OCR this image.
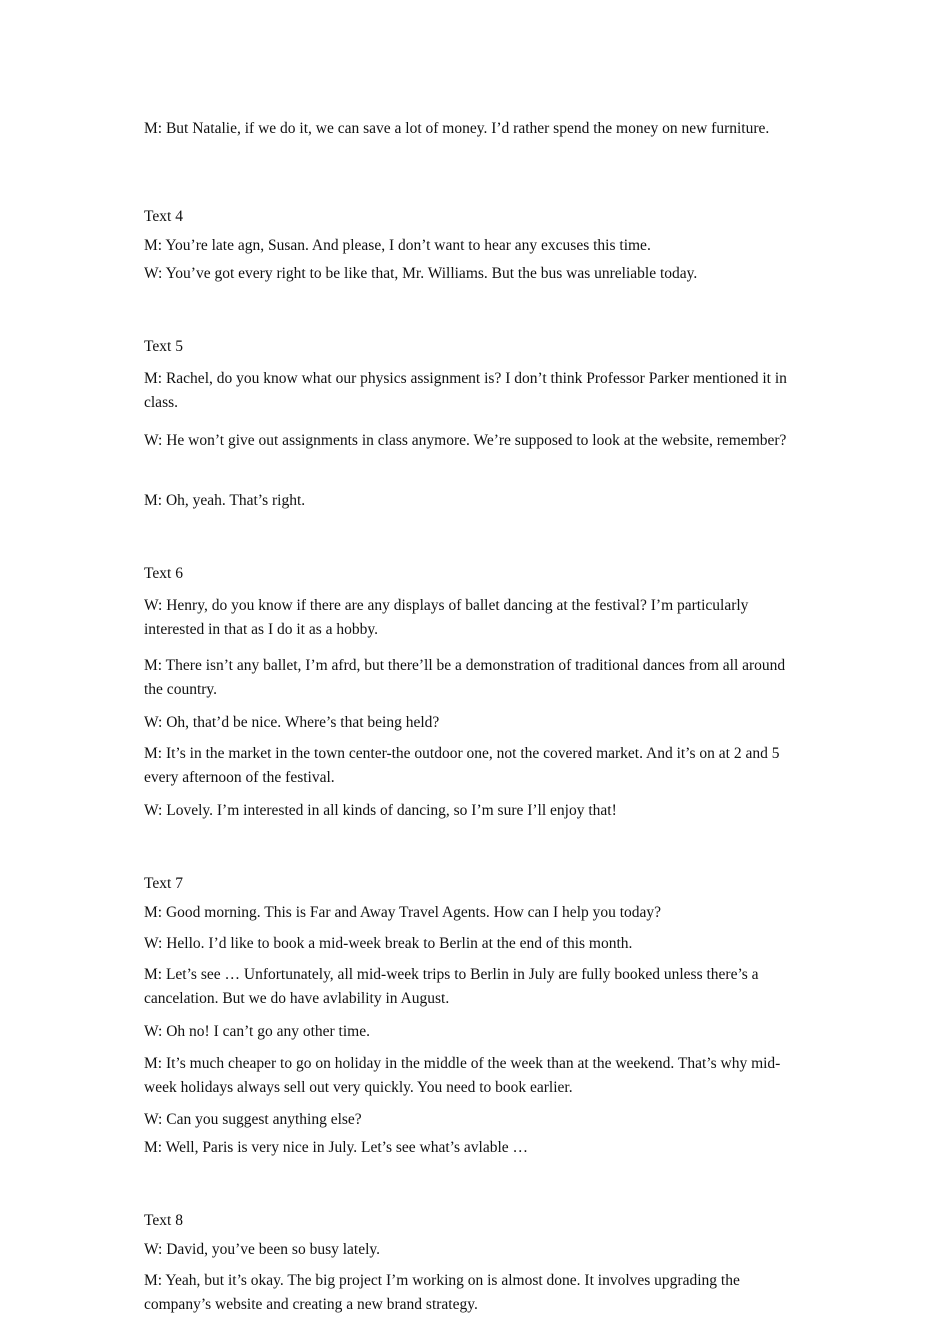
M: But Natalie, if we do it, we can save a lot of money. I’d rather spend the money on new furniture.

Text 4

M: You’re late agn, Susan. And please, I don’t want to hear any excuses this time.

W: You’ve got every right to be like that, Mr. Williams. But the bus was unreliable today.

Text 5

M: Rachel, do you know what our physics assignment is? I don’t think Professor Parker mentioned it in class.

W: He won’t give out assignments in class anymore. We’re supposed to look at the website, remember?

M: Oh, yeah. That’s right.

Text 6

W: Henry, do you know if there are any displays of ballet dancing at the festival? I’m particularly interested in that as I do it as a hobby.

M: There isn’t any ballet, I’m afrd, but there’ll be a demonstration of traditional dances from all around the country.

W: Oh, that’d be nice. Where’s that being held?

M: It’s in the market in the town center-the outdoor one, not the covered market. And it’s on at 2 and 5 every afternoon of the festival.

W: Lovely. I’m interested in all kinds of dancing, so I’m sure I’ll enjoy that!

Text 7

M: Good morning. This is Far and Away Travel Agents. How can I help you today?

W: Hello. I’d like to book a mid-week break to Berlin at the end of this month.

M: Let’s see … Unfortunately, all mid-week trips to Berlin in July are fully booked unless there’s a cancelation. But we do have avlability in August.

W: Oh no! I can’t go any other time.

M: It’s much cheaper to go on holiday in the middle of the week than at the weekend. That’s why mid-week holidays always sell out very quickly. You need to book earlier.

W: Can you suggest anything else?

M: Well, Paris is very nice in July. Let’s see what’s avlable …

Text 8

W: David, you’ve been so busy lately.

M: Yeah, but it’s okay. The big project I’m working on is almost done. It involves upgrading the company’s website and creating a new brand strategy.
